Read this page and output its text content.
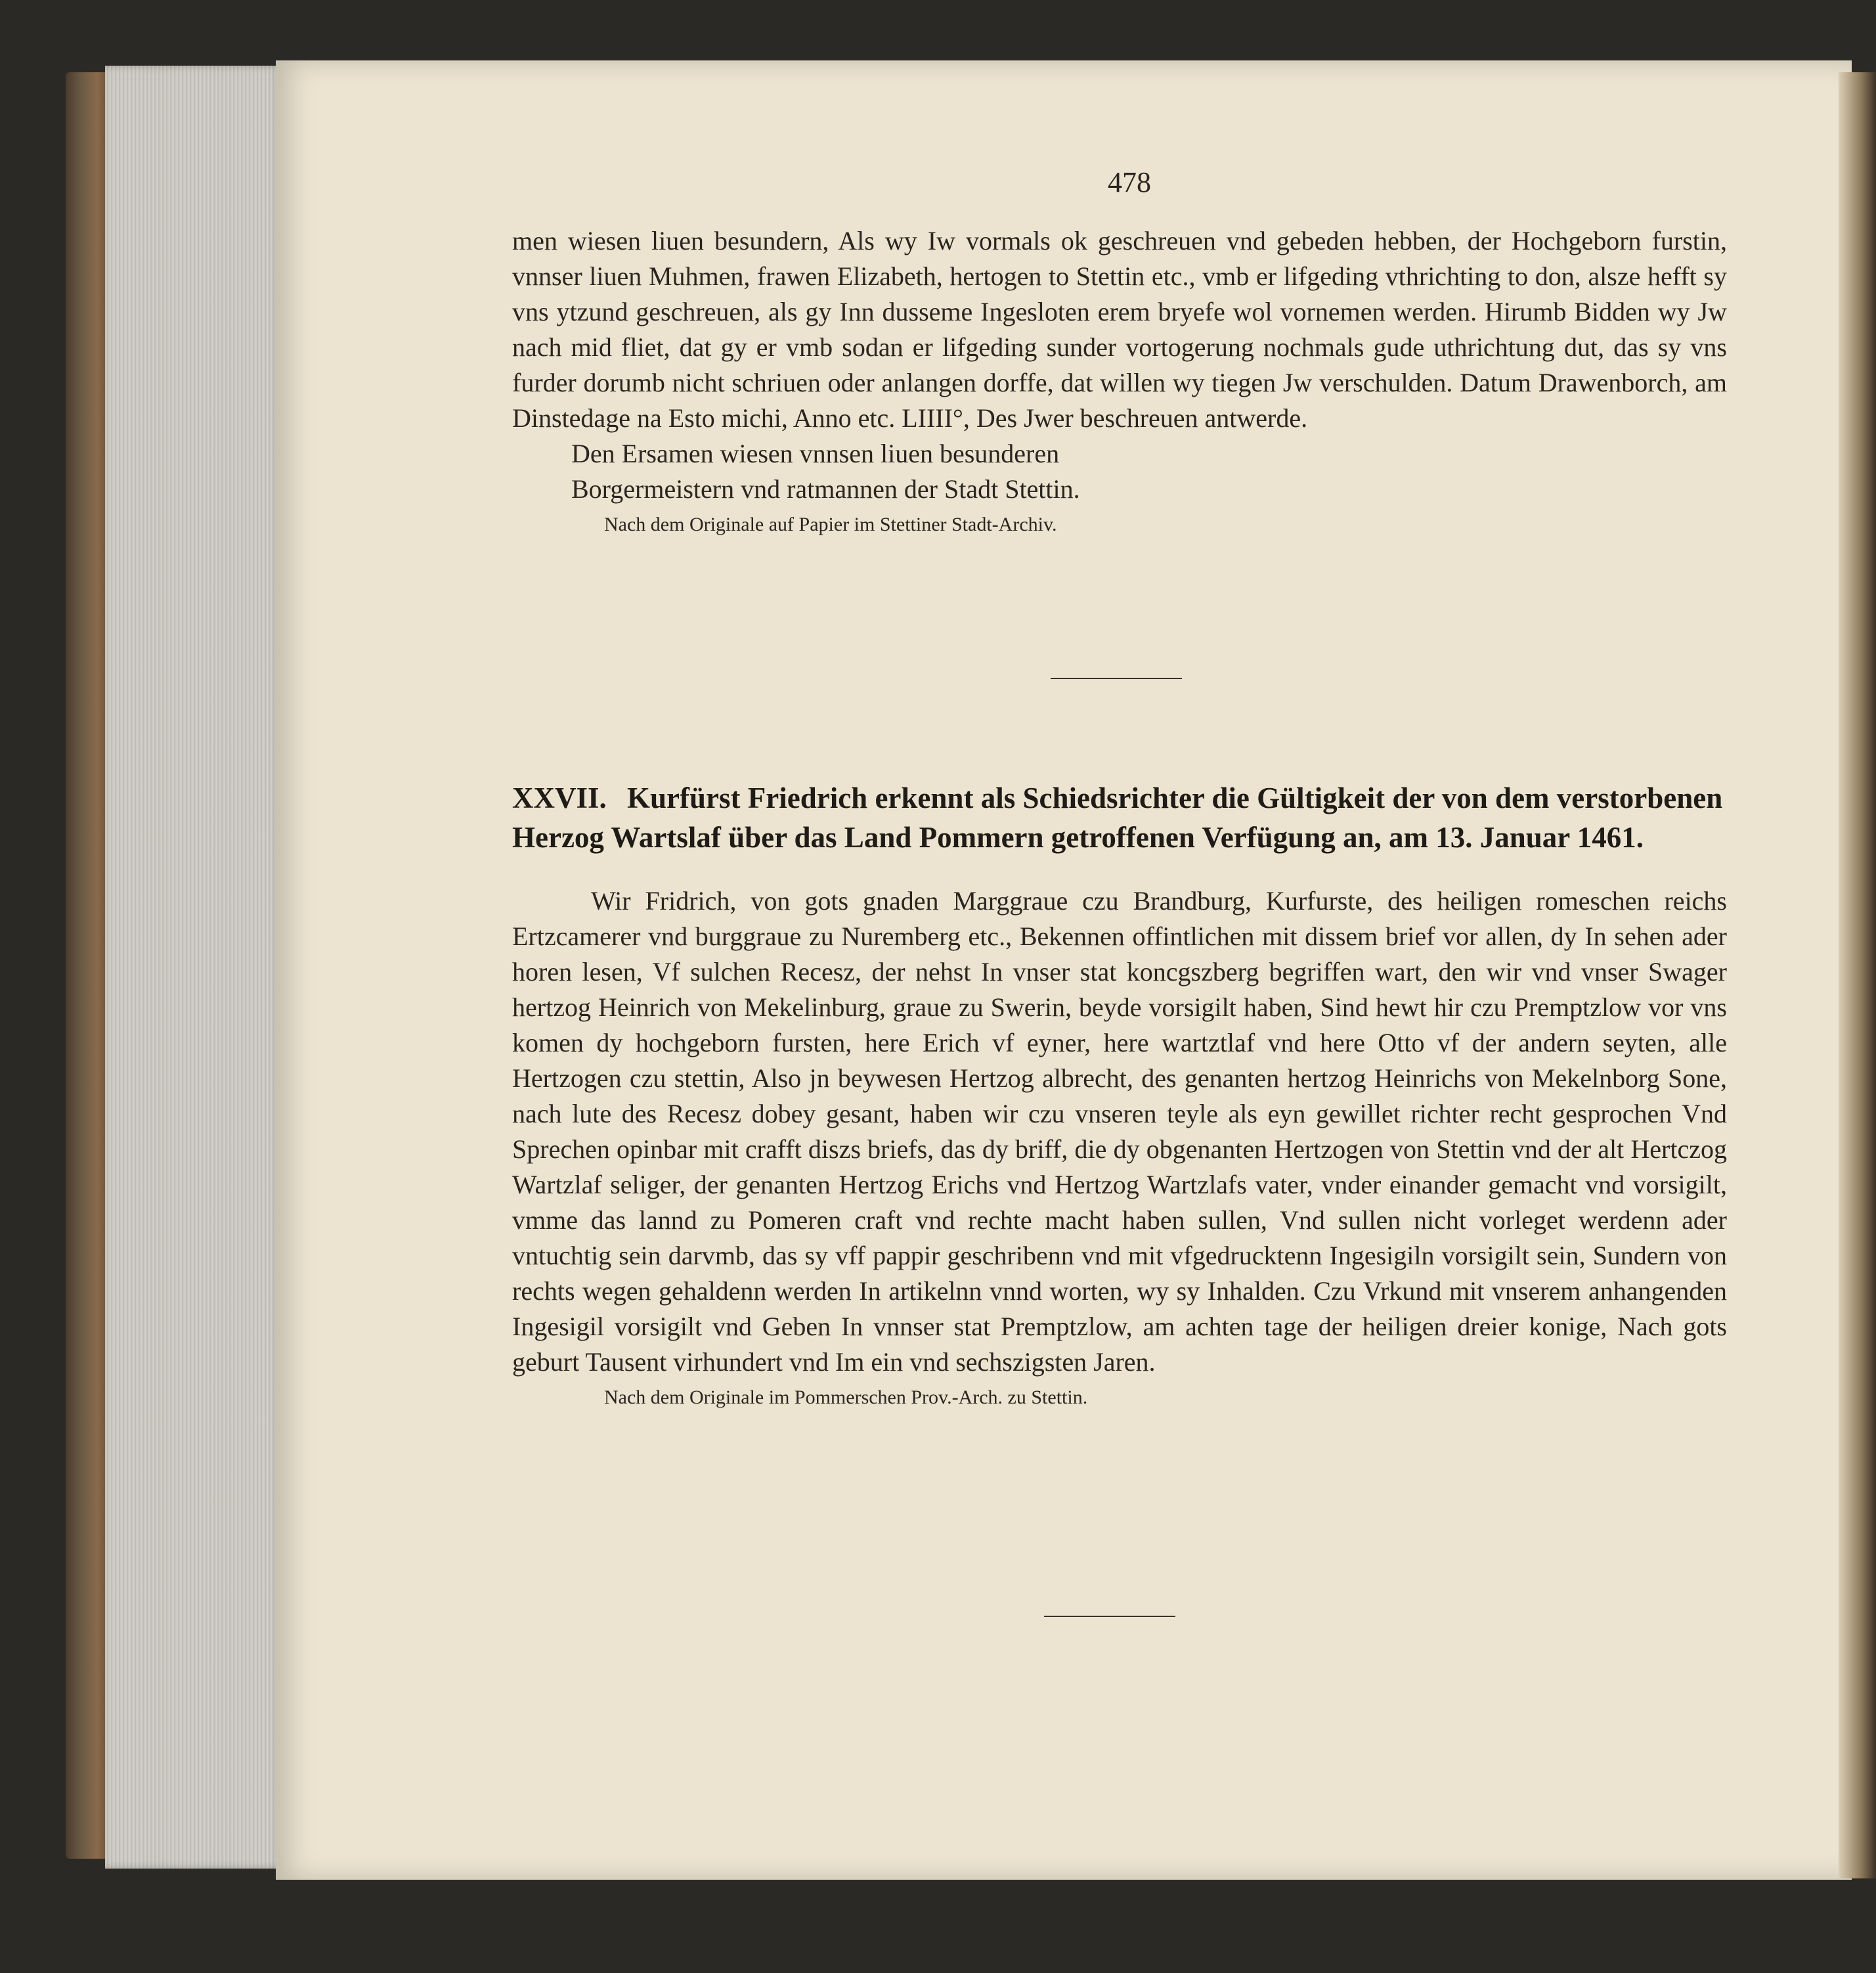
478

men wiesen liuen besundern, Als wy Iw vormals ok geschreuen vnd gebeden hebben, der Hochgeborn furstin, vnnser liuen Muhmen, frawen Elizabeth, hertogen to Stettin etc., vmb er lifgeding vthrichting to don, alsze hefft sy vns ytzund geschreuen, als gy Inn dusseme Ingesloten erem bryefe wol vornemen werden. Hirumb Bidden wy Jw nach mid fliet, dat gy er vmb sodan er lifgeding sunder vortogerung nochmals gude uthrichtung dut, das sy vns furder dorumb nicht schriuen oder anlangen dorffe, dat willen wy tiegen Jw verschulden. Datum Drawenborch, am Dinstedage na Esto michi, Anno etc. LIIII°, Des Jwer beschreuen antwerde.

Den Ersamen wiesen vnnsen liuen besunderen

Borgermeistern vnd ratmannen der Stadt Stettin.

Nach dem Originale auf Papier im Stettiner Stadt-Archiv.

XXVII. Kurfürst Friedrich erkennt als Schiedsrichter die Gültigkeit der von dem verstorbenen Herzog Wartslaf über das Land Pommern getroffenen Verfügung an, am 13. Januar 1461.

Wir Fridrich, von gots gnaden Marggraue czu Brandburg, Kurfurste, des heiligen romeschen reichs Ertzcamerer vnd burggraue zu Nuremberg etc., Bekennen offintlichen mit dissem brief vor allen, dy In sehen ader horen lesen, Vf sulchen Recesz, der nehst In vnser stat koncgszberg begriffen wart, den wir vnd vnser Swager hertzog Heinrich von Mekelinburg, graue zu Swerin, beyde vorsigilt haben, Sind hewt hir czu Premptzlow vor vns komen dy hochgeborn fursten, here Erich vf eyner, here wartztlaf vnd here Otto vf der andern seyten, alle Hertzogen czu stettin, Also jn beywesen Hertzog albrecht, des genanten hertzog Heinrichs von Mekelnborg Sone, nach lute des Recesz dobey gesant, haben wir czu vnseren teyle als eyn gewillet richter recht gesprochen Vnd Sprechen opinbar mit crafft diszs briefs, das dy briff, die dy obgenanten Hertzogen von Stettin vnd der alt Hertczog Wartzlaf seliger, der genanten Hertzog Erichs vnd Hertzog Wartzlafs vater, vnder einander gemacht vnd vorsigilt, vmme das lannd zu Pomeren craft vnd rechte macht haben sullen, Vnd sullen nicht vorleget werdenn ader vntuchtig sein darvmb, das sy vff pappir geschribenn vnd mit vfgedrucktenn Ingesigiln vorsigilt sein, Sundern von rechts wegen gehaldenn werden In artikelnn vnnd worten, wy sy Inhalden. Czu Vrkund mit vnserem anhangenden Ingesigil vorsigilt vnd Geben In vnnser stat Premptzlow, am achten tage der heiligen dreier konige, Nach gots geburt Tausent virhundert vnd Im ein vnd sechszigsten Jaren.

Nach dem Originale im Pommerschen Prov.-Arch. zu Stettin.
